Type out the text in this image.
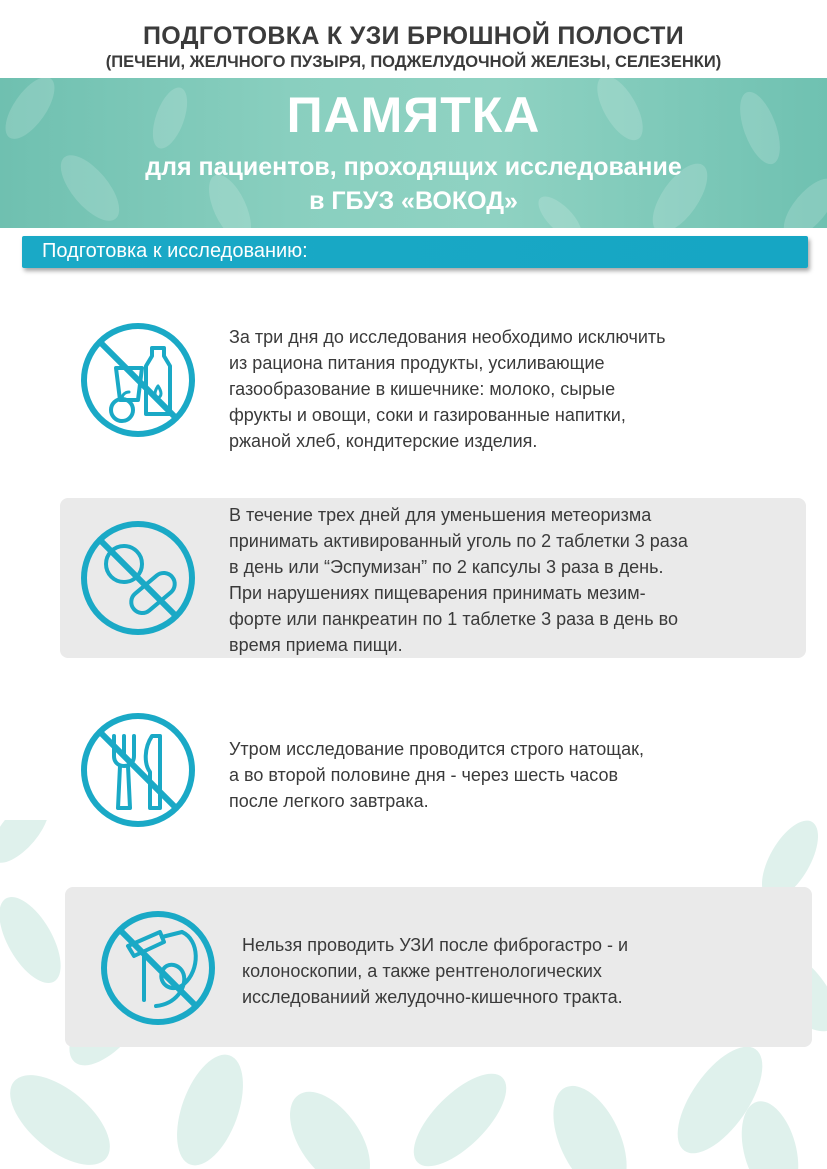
ПОДГОТОВКА К УЗИ БРЮШНОЙ ПОЛОСТИ
(ПЕЧЕНИ, ЖЕЛЧНОГО ПУЗЫРЯ, ПОДЖЕЛУДОЧНОЙ ЖЕЛЕЗЫ, СЕЛЕЗЕНКИ)
ПАМЯТКА
для пациентов, проходящих исследование
в ГБУЗ «ВОКОД»
Подготовка к исследованию:
За три дня до исследования необходимо исключить
из рациона питания продукты, усиливающие
газообразование в кишечнике: молоко, сырые
фрукты и овощи, соки и газированные напитки,
ржаной хлеб, кондитерские изделия.
В течение трех дней для уменьшения метеоризма
принимать активированный уголь по 2 таблетки 3 раза
в день или “Эспумизан” по 2 капсулы 3 раза в день.
При нарушениях пищеварения принимать мезим-
форте или панкреатин по 1 таблетке 3 раза в день во
время приема пищи.
Утром исследование проводится строго натощак,
а во второй половине дня - через шесть часов
после легкого завтрака.
Нельзя проводить УЗИ после фиброгастро - и
колоноскопии, а также рентгенологических
исследованиий желудочно-кишечного тракта.
